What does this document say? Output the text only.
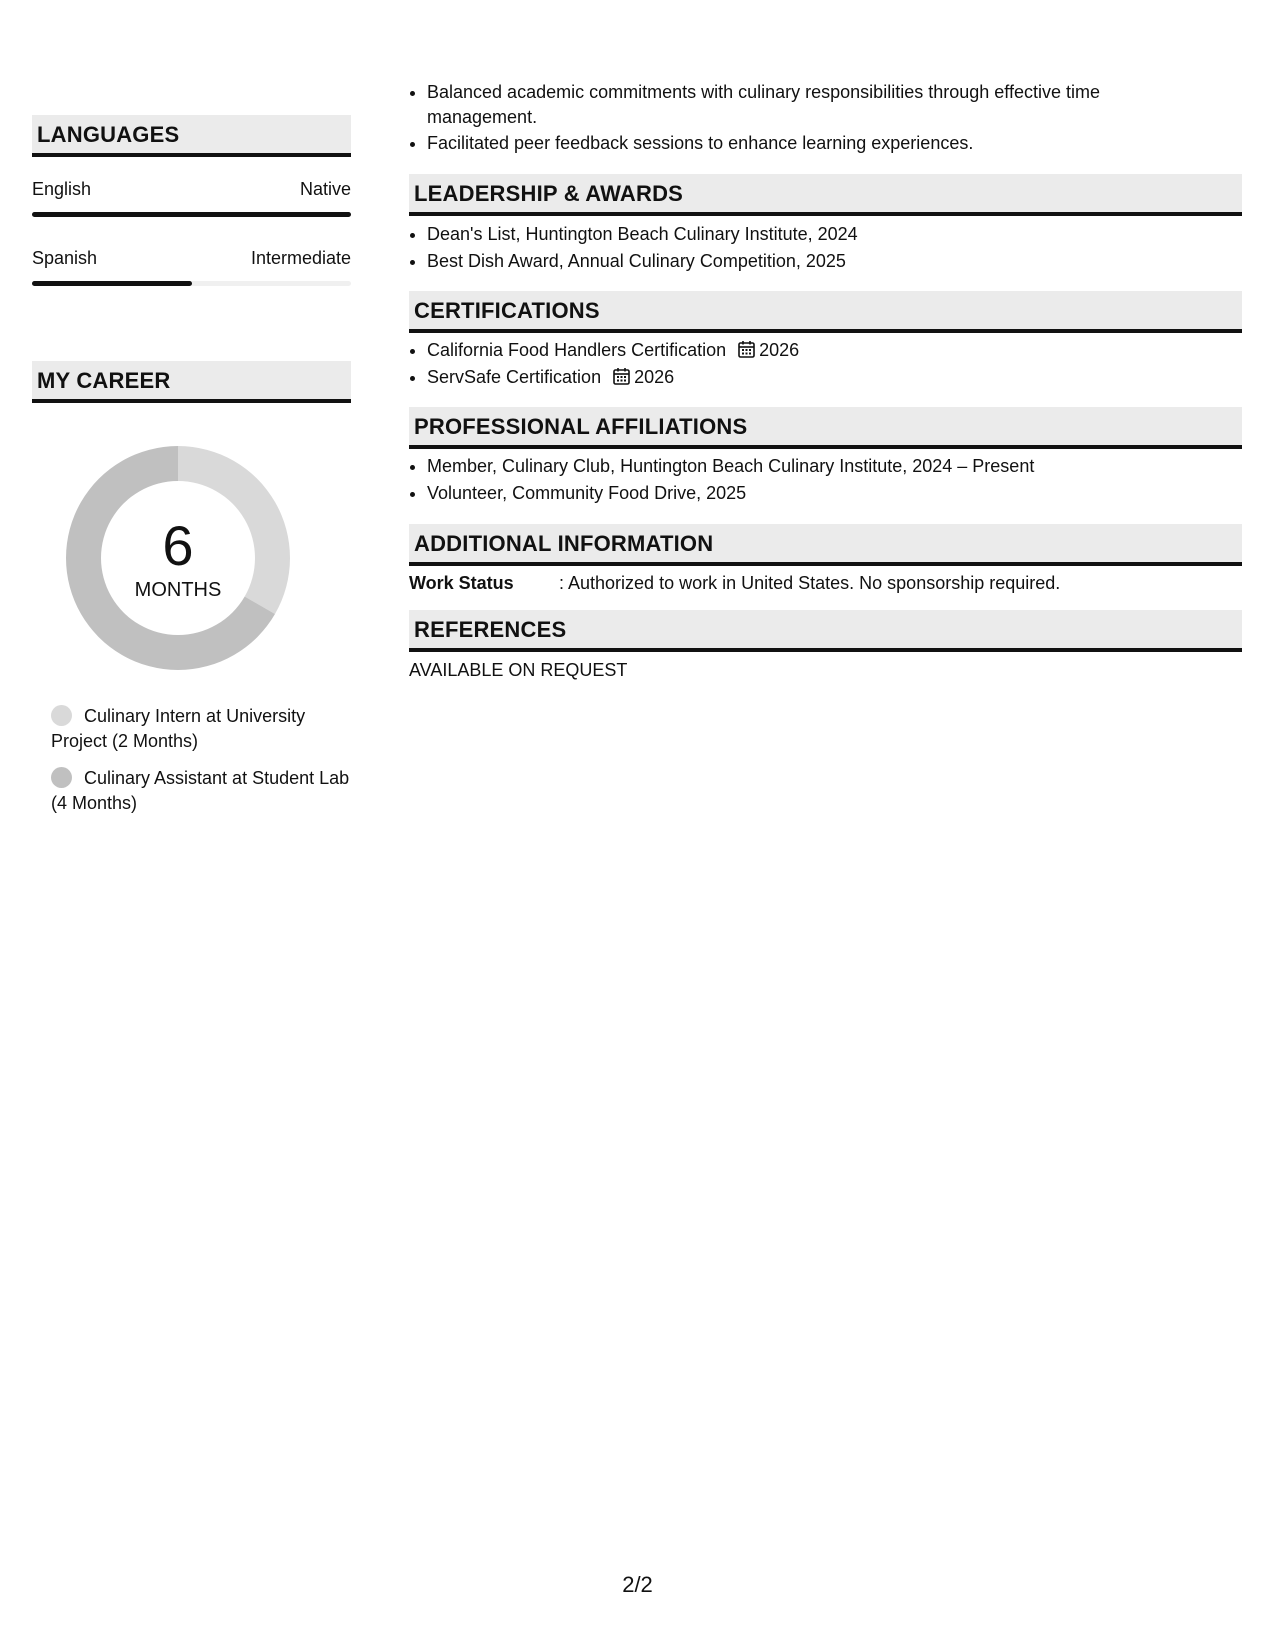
LANGUAGES
English	Native
Spanish	Intermediate
MY CAREER
6
MONTHS
Culinary Intern at University Project (2 Months)
Culinary Assistant at Student Lab (4 Months)
• Balanced academic commitments with culinary responsibilities through effective time management.
• Facilitated peer feedback sessions to enhance learning experiences.
LEADERSHIP & AWARDS
• Dean's List, Huntington Beach Culinary Institute, 2024
• Best Dish Award, Annual Culinary Competition, 2025
CERTIFICATIONS
• California Food Handlers Certification 2026
• ServSafe Certification 2026
PROFESSIONAL AFFILIATIONS
• Member, Culinary Club, Huntington Beach Culinary Institute, 2024 – Present
• Volunteer, Community Food Drive, 2025
ADDITIONAL INFORMATION
Work Status	: Authorized to work in United States. No sponsorship required.
REFERENCES
AVAILABLE ON REQUEST
2/2
